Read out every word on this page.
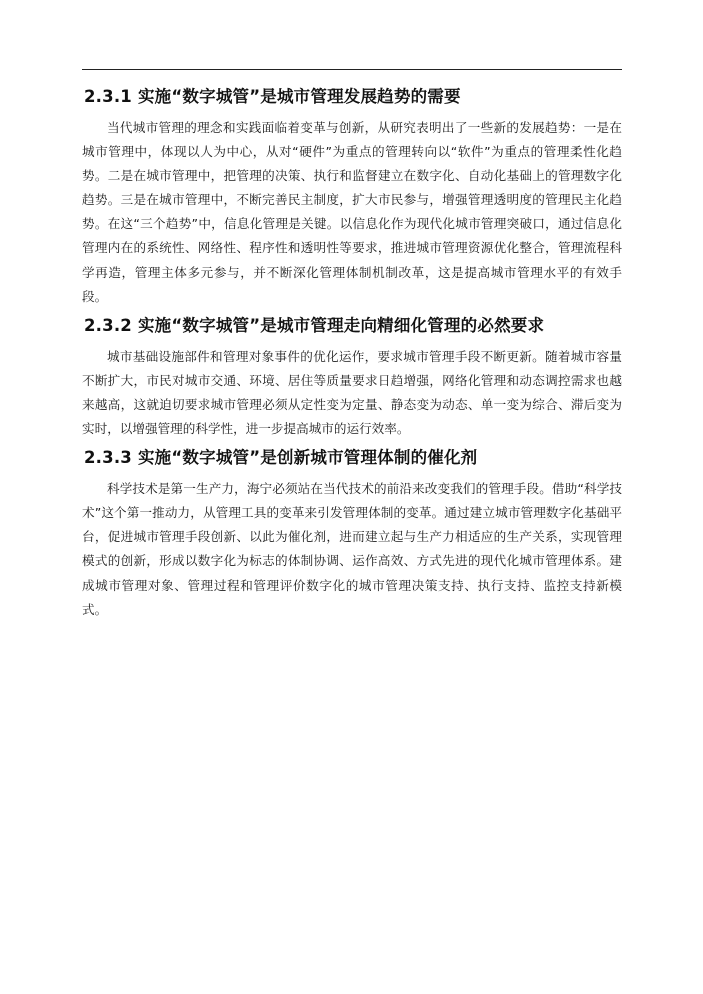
2.3.1 实施“数字城管”是城市管理发展趋势的需要

当代城市管理的理念和实践面临着变革与创新，从研究表明出了一些新的发展趋势：一是在城市管理中，体现以人为中心，从对“硬件”为重点的管理转向以“软件”为重点的管理柔性化趋势。二是在城市管理中，把管理的决策、执行和监督建立在数字化、自动化基础上的管理数字化趋势。三是在城市管理中，不断完善民主制度，扩大市民参与，增强管理透明度的管理民主化趋势。在这“三个趋势”中，信息化管理是关键。以信息化作为现代化城市管理突破口，通过信息化管理内在的系统性、网络性、程序性和透明性等要求，推进城市管理资源优化整合，管理流程科学再造，管理主体多元参与，并不断深化管理体制机制改革，这是提高城市管理水平的有效手段。

2.3.2 实施“数字城管”是城市管理走向精细化管理的必然要求

城市基础设施部件和管理对象事件的优化运作，要求城市管理手段不断更新。随着城市容量不断扩大，市民对城市交通、环境、居住等质量要求日趋增强，网络化管理和动态调控需求也越来越高，这就迫切要求城市管理必须从定性变为定量、静态变为动态、单一变为综合、滞后变为实时，以增强管理的科学性，进一步提高城市的运行效率。

2.3.3 实施“数字城管”是创新城市管理体制的催化剂

科学技术是第一生产力，海宁必须站在当代技术的前沿来改变我们的管理手段。借助“科学技术”这个第一推动力，从管理工具的变革来引发管理体制的变革。通过建立城市管理数字化基础平台，促进城市管理手段创新、以此为催化剂，进而建立起与生产力相适应的生产关系，实现管理模式的创新，形成以数字化为标志的体制协调、运作高效、方式先进的现代化城市管理体系。建成城市管理对象、管理过程和管理评价数字化的城市管理决策支持、执行支持、监控支持新模式。
